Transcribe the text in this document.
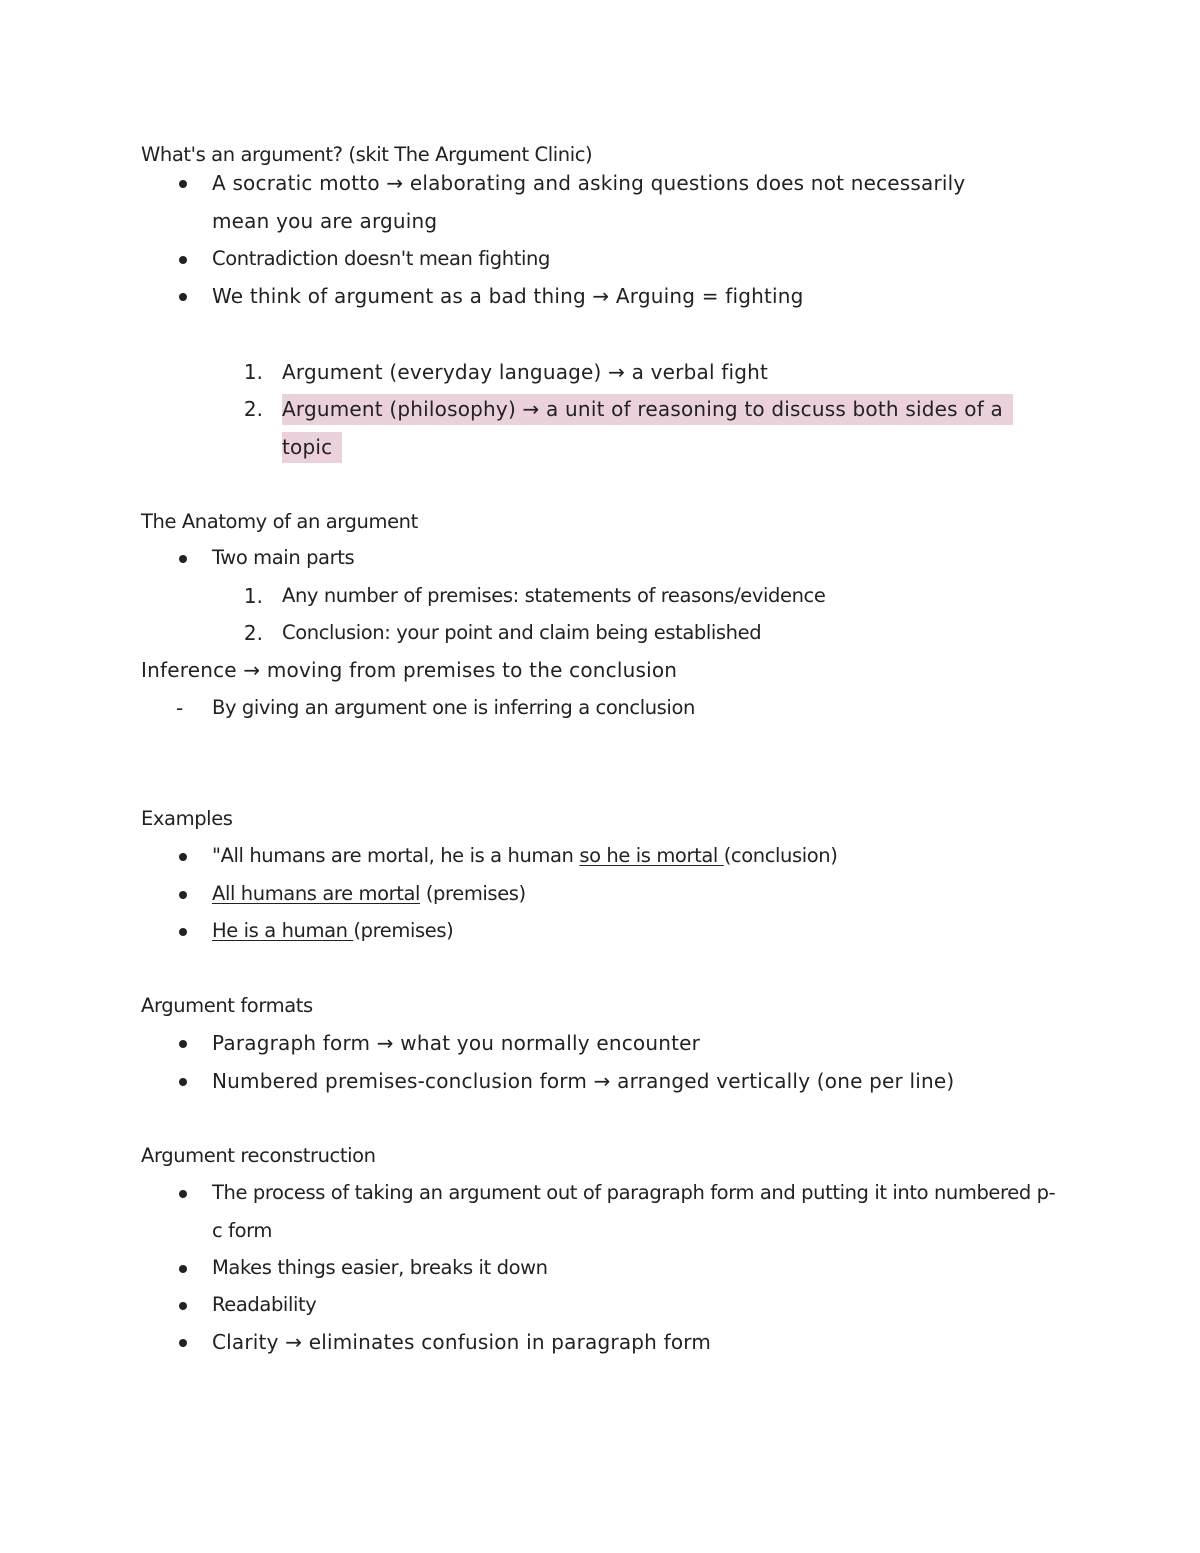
What's an argument? (skit The Argument Clinic)
A socratic motto → elaborating and asking questions does not necessarily
mean you are arguing
Contradiction doesn't mean fighting
We think of argument as a bad thing → Arguing = fighting
1. Argument (everyday language) → a verbal fight
2. Argument (philosophy) → a unit of reasoning to discuss both sides of a
topic
The Anatomy of an argument
Two main parts
1. Any number of premises: statements of reasons/evidence
2. Conclusion: your point and claim being established
Inference → moving from premises to the conclusion
- By giving an argument one is inferring a conclusion
Examples
"All humans are mortal, he is a human so he is mortal (conclusion)
All humans are mortal (premises)
He is a human (premises)
Argument formats
Paragraph form → what you normally encounter
Numbered premises-conclusion form → arranged vertically (one per line)
Argument reconstruction
The process of taking an argument out of paragraph form and putting it into numbered p-
c form
Makes things easier, breaks it down
Readability
Clarity → eliminates confusion in paragraph form
